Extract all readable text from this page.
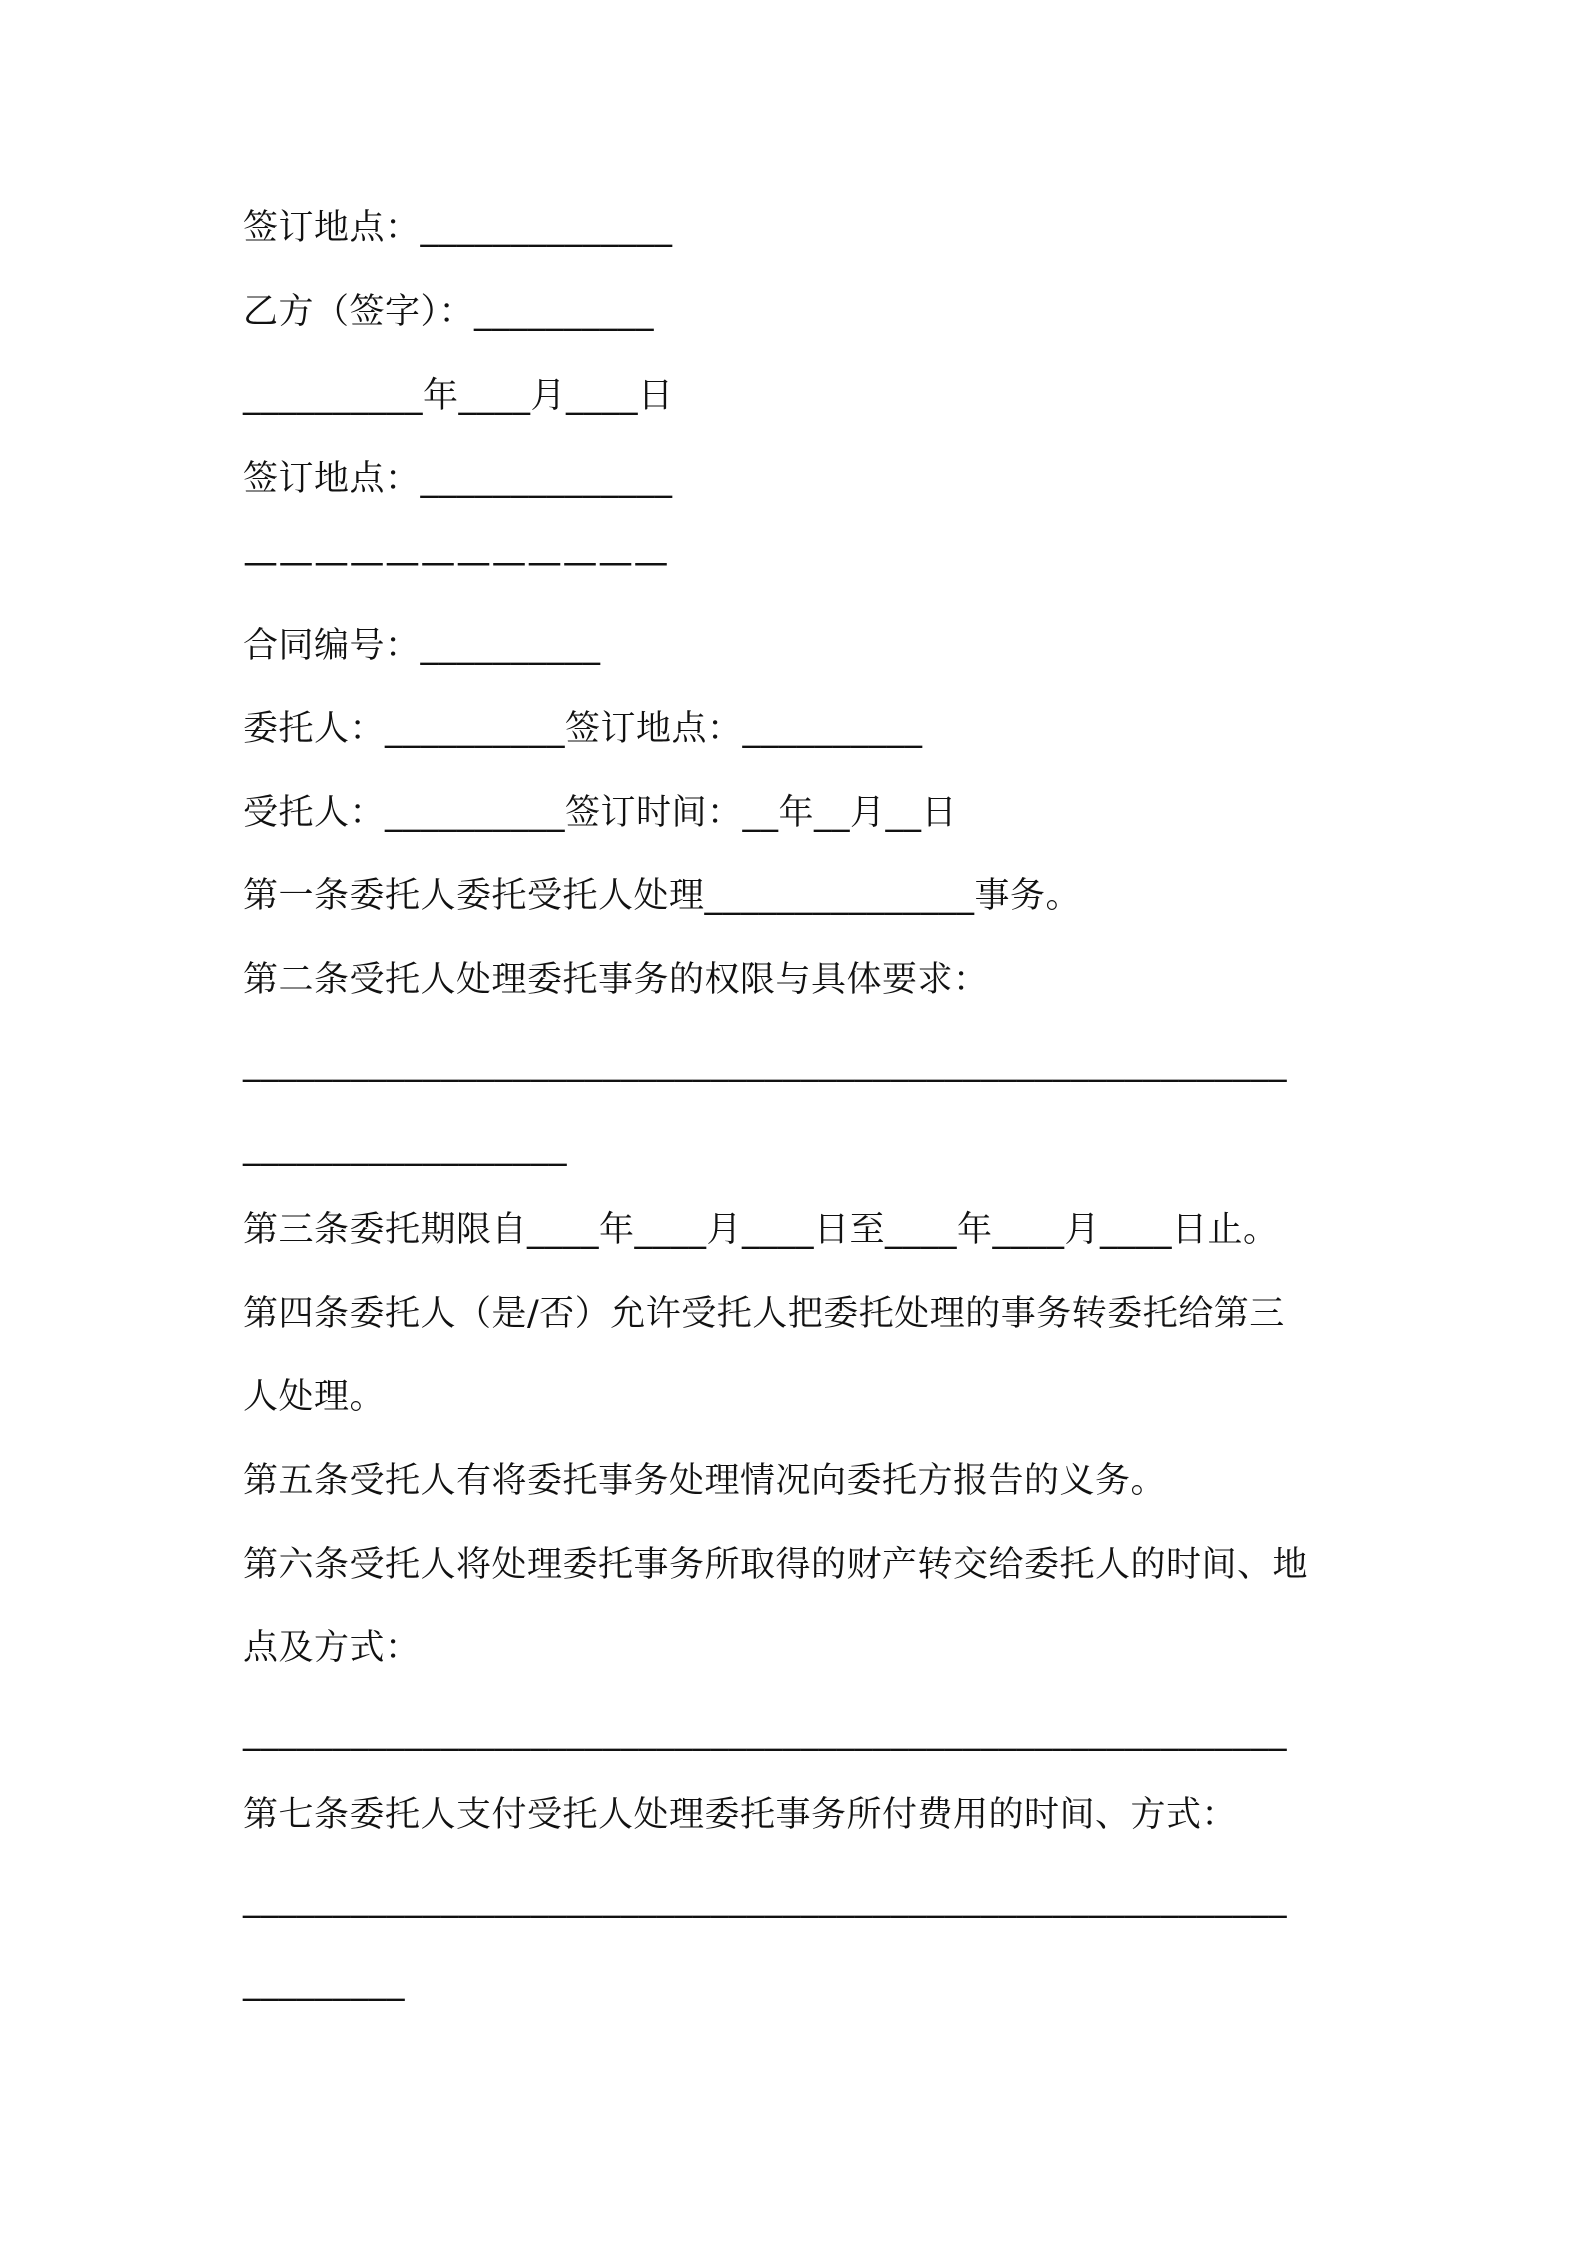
签订地点：______________
乙方（签字）：__________
__________年____月____日
签订地点：______________
————————————
合同编号：__________
委托人：__________签订地点：__________
受托人：__________签订时间：__年__月__日
第一条委托人委托受托人处理_______________事务。
第二条受托人处理委托事务的权限与具体要求：
__________________________________________________________
__________________
第三条委托期限自____年____月____日至____年____月____日止。
第四条委托人（是/否）允许受托人把委托处理的事务转委托给第三
人处理。
第五条受托人有将委托事务处理情况向委托方报告的义务。
第六条受托人将处理委托事务所取得的财产转交给委托人的时间、地
点及方式：
__________________________________________________________
第七条委托人支付受托人处理委托事务所付费用的时间、方式：
__________________________________________________________
_________
